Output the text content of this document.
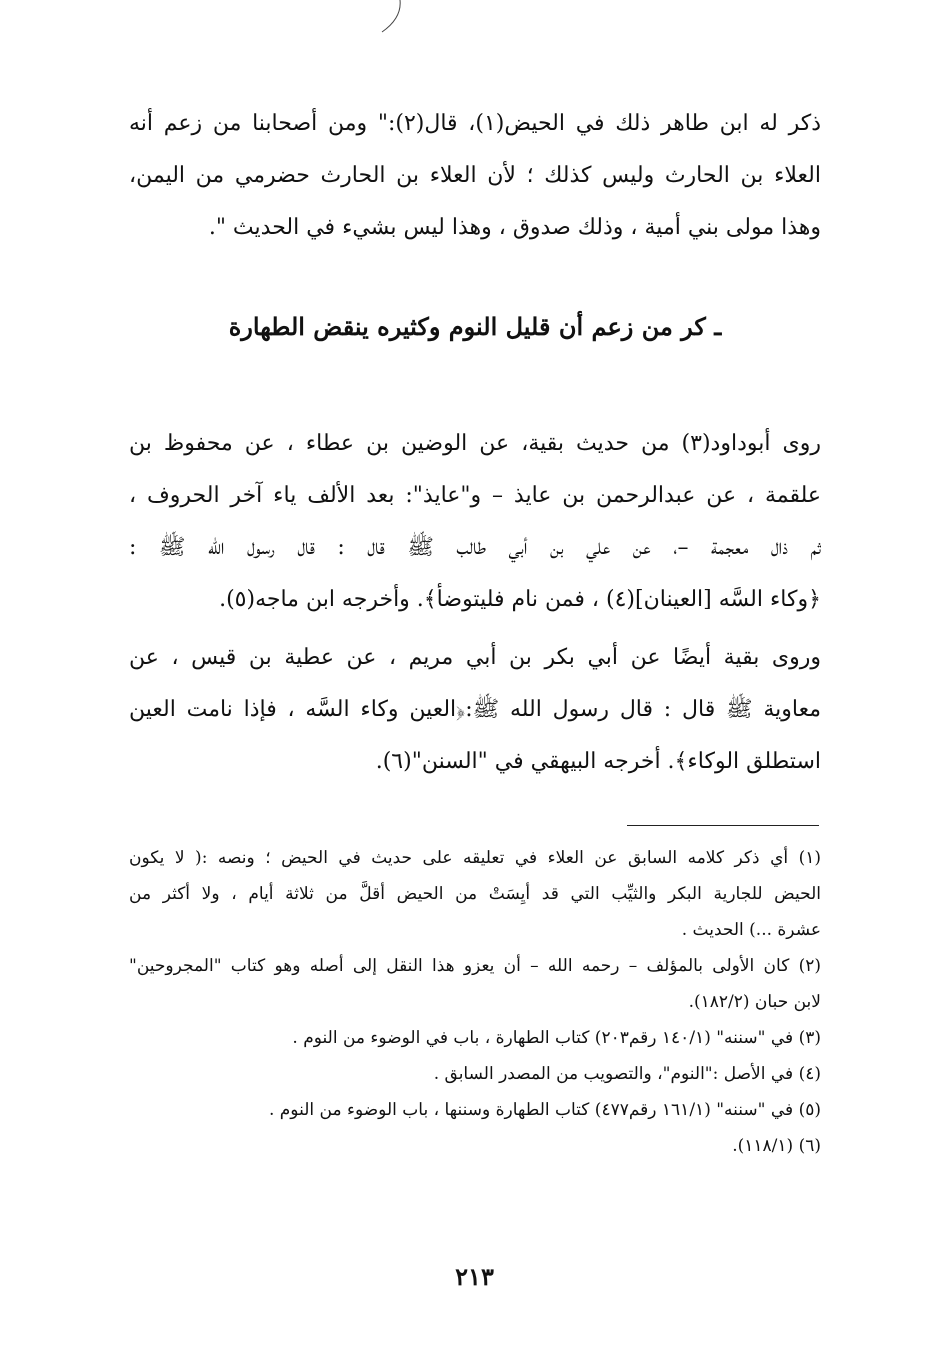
ذكر له ابن طاهر ذلك في الحيض(١)، قال(٢):" ومن أصحابنا من زعم أنه
العلاء بن الحارث وليس كذلك ؛ لأن العلاء بن الحارث حضرمي من اليمن،
وهذا مولى بني أمية ، وذلك صدوق ، وهذا ليس بشيء في الحديث ".
ـ كر من زعم أن قليل النوم وكثيره ينقض الطهارة
روى أبوداود(٣) من حديث بقية، عن الوضين بن عطاء ، عن محفوظ بن
علقمة ، عن عبدالرحمن بن عايذ – و"عايذ": بعد الألف ياء آخر الحروف ،
ثم ذال معجمة –، عن علي بن أبي طالب ﷺ قال : قال رسول الله ﷺ :
﴿وكاء السَّه [العينان](٤) ، فمن نام فليتوضأ﴾. وأخرجه ابن ماجه(٥).
وروى بقية أيضًا عن أبي بكر بن أبي مريم ، عن عطية بن قيس ، عن
معاوية ﷺ قال : قال رسول الله ﷺ:﴿العين وكاء السَّه ، فإذا نامت العين
استطلق الوكاء﴾. أخرجه البيهقي في "السنن"(٦).
(١) أي ذكر كلامه السابق عن العلاء في تعليقه على حديث في الحيض ؛ ونصه :( لا يكون
الحيض للجارية البكر والثيِّب التي قد أيِسَتْ من الحيض أقلَّ من ثلاثة أيام ، ولا أكثر من
عشرة ...) الحديث .
(٢) كان الأولى بالمؤلف – رحمه الله – أن يعزو هذا النقل إلى أصله وهو كتاب "المجروحين"
لابن حبان (١٨٢/٢).
(٣) في "سننه" (١٤٠/١ رقم٢٠٣) كتاب الطهارة ، باب في الوضوء من النوم .
(٤) في الأصل :"النوم"، والتصويب من المصدر السابق .
(٥) في "سننه" (١٦١/١ رقم٤٧٧) كتاب الطهارة وسننها ، باب الوضوء من النوم .
(٦) (١١٨/١).
٢١٣
